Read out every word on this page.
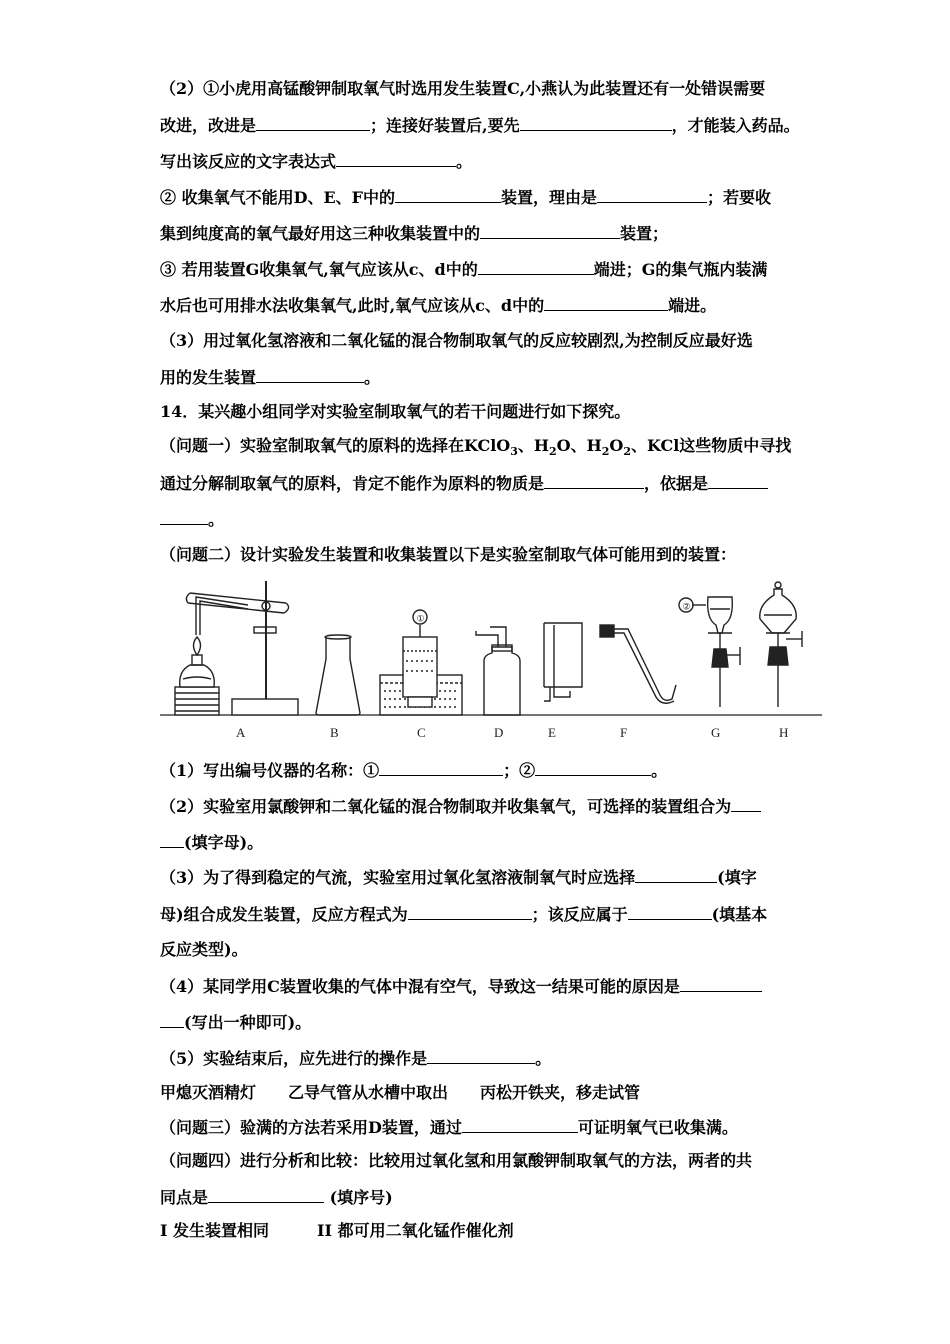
（2）①小虎用高锰酸钾制取氧气时选用发生装置C,小燕认为此装置还有一处错误需要
改进，改进是	；连接好装置后,要先	，才能装入药品。
写出该反应的文字表达式	。
② 收集氧气不能用D、E、F中的	装置，理由是	；若要收
集到纯度高的氧气最好用这三种收集装置中的	装置；
③ 若用装置G收集氧气,氧气应该从c、d中的	端进；G的集气瓶内装满
水后也可用排水法收集氧气,此时,氧气应该从c、d中的	端进。
（3）用过氧化氢溶液和二氧化锰的混合物制取氧气的反应较剧烈,为控制反应最好选
用的发生装置	。
14．某兴趣小组同学对实验室制取氧气的若干问题进行如下探究。
（问题一）实验室制取氧气的原料的选择在KClO$_3$、$H_2O$、$H_2O_2$、KCl这些物质中寻找
通过分解制取氧气的原料，肯定不能作为原料的物质是	，依据是
。
（问题二）设计实验发生装置和收集装置以下是实验室制取气体可能用到的装置：
A	B
①
C	D	E	F
②
G	H
（1）写出编号仪器的名称：①	；②	。
（2）实验室用氯酸钾和二氧化锰的混合物制取并收集氧气，可选择的装置组合为
(填字母)。
（3）为了得到稳定的气流，实验室用过氧化氢溶液制氧气时应选择	(填字
母)组合成发生装置，反应方程式为	；该反应属于	(填基本
反应类型)。
（4）某同学用C装置收集的气体中混有空气，导致这一结果可能的原因是
(写出一种即可)。
（5）实验结束后，应先进行的操作是	。
甲熄灭酒精灯　　乙导气管从水槽中取出　　丙松开铁夹，移走试管
（问题三）验满的方法若采用D装置，通过	可证明氧气已收集满。
（问题四）进行分析和比较：比较用过氧化氢和用氯酸钾制取氧气的方法，两者的共
同点是	(填序号)
I 发生装置相同　　　II 都可用二氧化锰作催化剂
